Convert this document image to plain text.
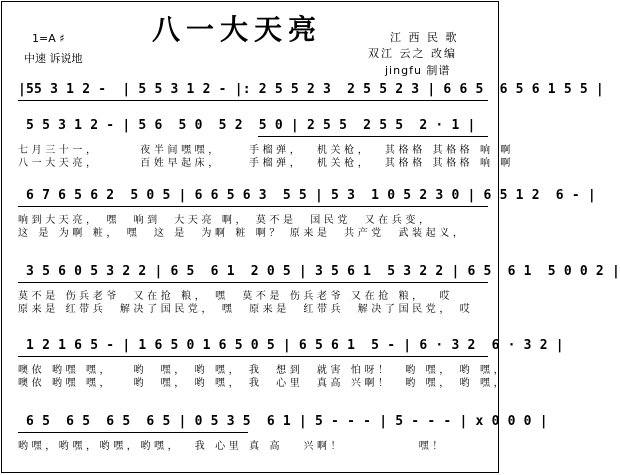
八一大天亮
1=A ♯
中速 诉说地
江 西 民 歌
双江 云之 改编
jingfu 制谱
|55 3 1 2 -  | 5 5 3 1 2 - |: 2 5 5 2 3  2 5 5 2 3 | 6 6 5  6 5 6 1 5 5 |
5 5 3 1 2 - | 5 6  5 0  5 2  5 0 | 2 5 5  2 5 5  2 · 1 |
七月三十一，      夜半间嘿嘿，    手榴弹，  机关枪，  其格格 其格格 响 啊
八一大天亮，      百姓早起床，    手榴弹，  机关枪，  其格格 其格格 响 啊
6 7 6 5 6 2  5 0 5 | 6 6 5 6 3  5 5 | 5 3  1 0 5 2 3 0 | 6 5 1 2  6 - |
响到大天亮， 嘿  响到  大天亮 啊， 莫不是  国民党  又在兵变，
这 是 为啊 粧， 嘿  这 是  为啊 粧 啊？ 原来是  共产党  武装起义，
3 5 6 0 5 3 2 2 | 6 5  6 1  2 0 5 | 3 5 6 1  5 3 2 2 | 6 5  6 1  5 0 0 2 |
莫不是 伤兵老爷  又在抢 粮， 嘿  莫不是 伤兵老爷 又在抢 粮，  哎
原来是 红带兵  解决了国民党， 嘿  原来是  红带兵  解决了国民党， 哎
1 2 1 6 5 - | 1 6 5 0 1 6 5 0 5 | 6 5 6 1  5 - | 6 · 3 2  6 · 3 2 |
噢依 哟嘿 嘿，   哟  嘿， 哟 嘿， 我  想到  就害 怕呀！  哟 嘿， 哟 嘿，
噢依 哟嘿 嘿，   哟  嘿， 哟 嘿， 我  心里  真高 兴啊！  哟 嘿， 哟 嘿，
6 5  6 5  6 5  6 5 | 0 5 3 5  6 1 | 5 - - - | 5 - - - | x 0 0 0 |
哟嘿，哟嘿，哟嘿，哟嘿，  我 心里 真 高   兴啊！           嘿！
